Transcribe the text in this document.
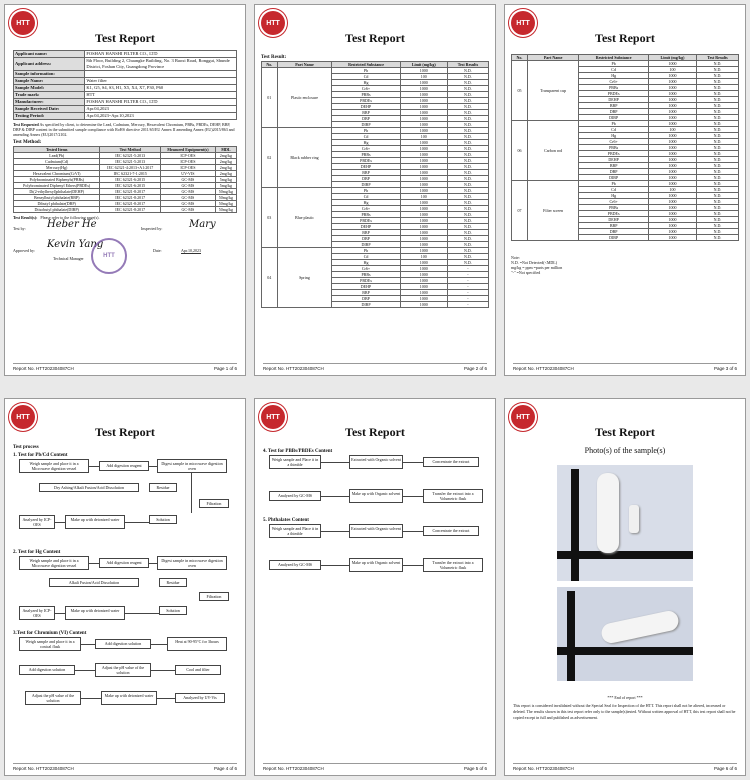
HTT
Test Report
Applicant name:	FOSHAN HANSHI FILTER CO., LTD
Applicant address:	8th Floor, Building 2, Chuangke Building, No. 3 Baoxi Road, Ronggui, Shunde District, Foshan City, Guangdong Province
Sample information:	
Sample Name:	Water filter
Sample Model:	K1, G5, S4, S3, H1, X5, X4, X7, P30, P60
Trade mark:	HTT
Manufacturer:	FOSHAN HANSHI FILTER CO., LTD
Sample Received Date:	Apr.04,2023
Testing Period:	Apr.04,2023~Apr.10,2023
Test Requested As specified by client, to determine the Lead, Cadmium, Mercury, Hexavalent Chromium, PBBs, PBDEs, DEHP, BBP, DBP & DIBP content in the submitted sample compliance with RoHS directive 2011/65/EU Annex II amending Annex (EU)2015/863 and amending Annex (EU)2017/2102.
Test Method:
Tested Items	Test Method	Measured Equipment(s)	MDL
Lead(Pb)	IEC 62321-5:2013	ICP-OES	2mg/kg
Cadmium(Cd)	IEC 62321-5:2013	ICP-OES	2mg/kg
Mercury(Hg)	IEC 62321-4:2013+A1:2017	ICP-OES	2mg/kg
Hexavalent Chromium(CrVI)	IEC 62321-7-1:2015	UV-VIS	2mg/kg
Polybrominated Biphenyls(PBBs)	IEC 62321-6:2015	GC-MS	5mg/kg
Polybrominated Diphenyl Ethers(PBDEs)	IEC 62321-6:2015	GC-MS	5mg/kg
Di(2-ethylhexyl)phthalate(DEHP)	IEC 62321-8:2017	GC-MS	50mg/kg
Benzylbutyl phthalate(BBP)	IEC 62321-8:2017	GC-MS	50mg/kg
Dibutyl phthalate(DBP)	IEC 62321-8:2017	GC-MS	50mg/kg
Diisobutyl phthalate(DIBP)	IEC 62321-8:2017	GC-MS	50mg/kg
Test Result(s): Please refer to the following page(s).
Test by: Heber He	Inspected by:	Mary
Approved by:
Kevin Yang
Technical Manager	HTT
Date:	Apr.10,2023
Report No. HTT202304087CH	Page 1 of 6
HTT
Test Report
Test Result:
No.	Part Name	Restricted Substance	Limit (mg/kg)	Test Results
01	Plastic enclosure	Pb	1000	N.D.
		Cd	100	N.D.
		Hg	1000	N.D.
		Cr6+	1000	N.D.
		PBBs	1000	N.D.
		PBDEs	1000	N.D.
		DEHP	1000	N.D.
		BBP	1000	N.D.
		DBP	1000	N.D.
		DIBP	1000	N.D.
02	Black rubber ring	Pb	1000	N.D.
		Cd	100	N.D.
		Hg	1000	N.D.
		Cr6+	1000	N.D.
		PBBs	1000	N.D.
		PBDEs	1000	N.D.
		DEHP	1000	N.D.
		BBP	1000	N.D.
		DBP	1000	N.D.
		DIBP	1000	N.D.
03	Blue plastic	Pb	1000	N.D.
		Cd	100	N.D.
		Hg	1000	N.D.
		Cr6+	1000	N.D.
		PBBs	1000	N.D.
		PBDEs	1000	N.D.
		DEHP	1000	N.D.
		BBP	1000	N.D.
		DBP	1000	N.D.
		DIBP	1000	N.D.
04	Spring	Pb	1000	N.D.
		Cd	100	N.D.
		Hg	1000	N.D.
		Cr6+	1000	-
		PBBs	1000	-
		PBDEs	1000	-
		DEHP	1000	-
		BBP	1000	-
		DBP	1000	-
		DIBP	1000	-
Report No. HTT202304087CH	Page 2 of 6
HTT
Test Report
No.	Part Name	Restricted Substance	Limit (mg/kg)	Test Results
05	Transparent cup	Pb	1000	N.D.
		Cd	100	N.D.
		Hg	1000	N.D.
		Cr6+	1000	N.D.
		PBBs	1000	N.D.
		PBDEs	1000	N.D.
		DEHP	1000	N.D.
		BBP	1000	N.D.
		DBP	1000	N.D.
		DIBP	1000	N.D.
06	Carbon rod	Pb	1000	N.D.
		Cd	100	N.D.
		Hg	1000	N.D.
		Cr6+	1000	N.D.
		PBBs	1000	N.D.
		PBDEs	1000	N.D.
		DEHP	1000	N.D.
		BBP	1000	N.D.
		DBP	1000	N.D.
		DIBP	1000	N.D.
07	Filter screen	Pb	1000	N.D.
		Cd	100	N.D.
		Hg	1000	N.D.
		Cr6+	1000	N.D.
		PBBs	1000	N.D.
		PBDEs	1000	N.D.
		DEHP	1000	N.D.
		BBP	1000	N.D.
		DBP	1000	N.D.
		DIBP	1000	N.D.
Note:
N.D. =Not Detected(<MDL)
mg/kg = ppm =parts per million
"-" =Not specified
Report No. HTT202304087CH	Page 3 of 6
HTT
Test Report
Test process
1. Test for Pb/Cd Content
Weigh sample and place it in a Microwave digestion vessel
Add digestion reagent	Digest sample in microwave digestion oven
Dry Ashing/Alkali Fusion/Acid Dissolution	Residue
Filtration
Analyzed by ICP-OES
Make up with deionized water	Solution
2. Test for Hg Content
Weigh sample and place it in a Microwave digestion vessel
Add digestion reagent	Digest sample in microwave digestion oven
Alkali Fusion/Acid Dissolution	Residue
Filtration
Analyzed by ICP-OES
Make up with deionized water	Solution
3.Test for Chromium (VI) Content
Weigh sample and place it in a conical flask
Add digestion solution	Heat at 90-95°C for 3hours
Add digestion solution	Adjust the pH value of the solution
Cool and filter
Adjust the pH value of the solution
Make up with deionized water	Analyzed by UV-Vis
Report No. HTT202304087CH	Page 4 of 6
HTT
Test Report
4. Test for PBBs/PBDEs Content
Weigh sample and Place it in a thimble
Extracted with Organic solvent	Concentrate the extract
Analyzed by GC-MS	Make up with Organic solvent	Transfer the extract into a Volumetric flask
5. Phthalates Content
Weigh sample and Place it in a thimble
Extracted with Organic solvent	Concentrate the extract
Analyzed by GC-MS	Make up with Organic solvent	Transfer the extract into a Volumetric flask
Report No. HTT202304087CH	Page 5 of 6
HTT
Test Report
Photo(s) of the sample(s)
*** End of report ***
This report is considered invalidated without the Special Seal for Inspection of the HTT. This report shall not be altered, increased or deleted. The results shown in this test report refer only to the sample(s)tested. Without written approval of HTT, this test report shall not be copied except in full and published as advertisement.
Report No. HTT202304087CH	Page 6 of 6
